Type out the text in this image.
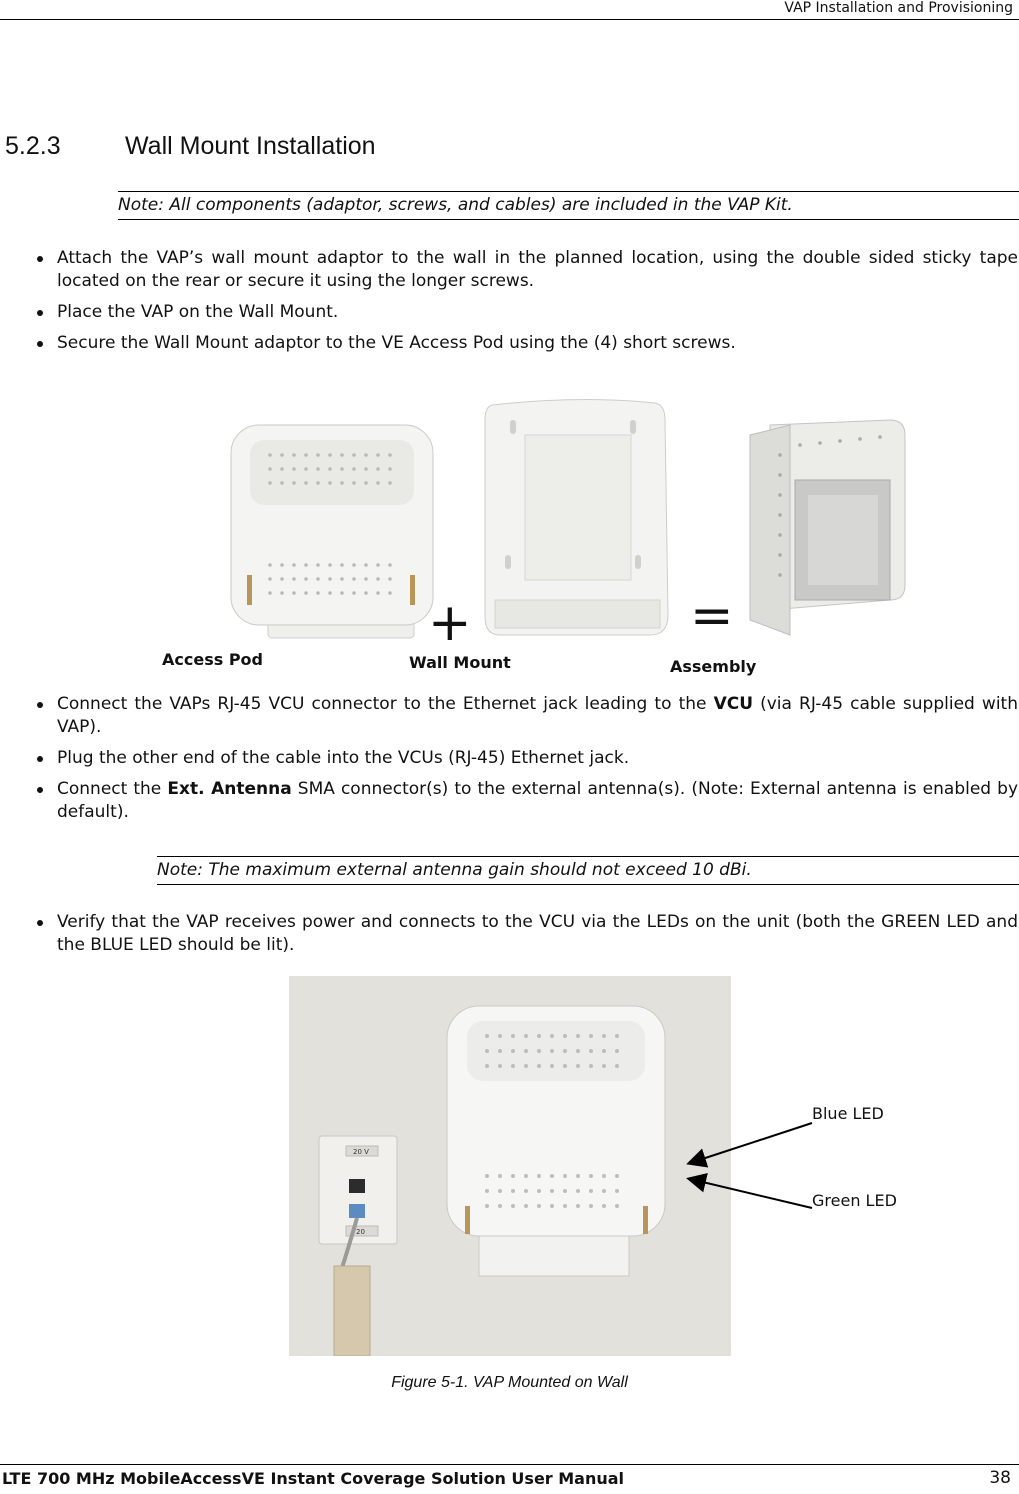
VAP Installation and Provisioning
5.2.3	Wall Mount Installation
Note: All components (adaptor, screws, and cables) are included in the VAP Kit.
Attach the VAP’s wall mount adaptor to the wall in the planned location, using the double sided sticky tape located on the rear or secure it using the longer screws.
Place the VAP on the Wall Mount.
Secure the Wall Mount adaptor to the VE Access Pod using the (4) short screws.
+	=
Access Pod	Wall Mount	Assembly
Connect the VAPs RJ-45 VCU connector to the Ethernet jack leading to the VCU (via RJ-45 cable supplied with VAP).
Plug the other end of the cable into the VCUs (RJ-45) Ethernet jack.
Connect the Ext. Antenna SMA connector(s) to the external antenna(s). (Note: External antenna is enabled by default).
Note: The maximum external antenna gain should not exceed 10 dBi.
Verify that the VAP receives power and connects to the VCU via the LEDs on the unit (both the GREEN LED and the BLUE LED should be lit).
20 V
20
Blue LED
Green LED
Figure 5-1. VAP Mounted on Wall
LTE 700 MHz MobileAccessVE Instant Coverage Solution User Manual	38
